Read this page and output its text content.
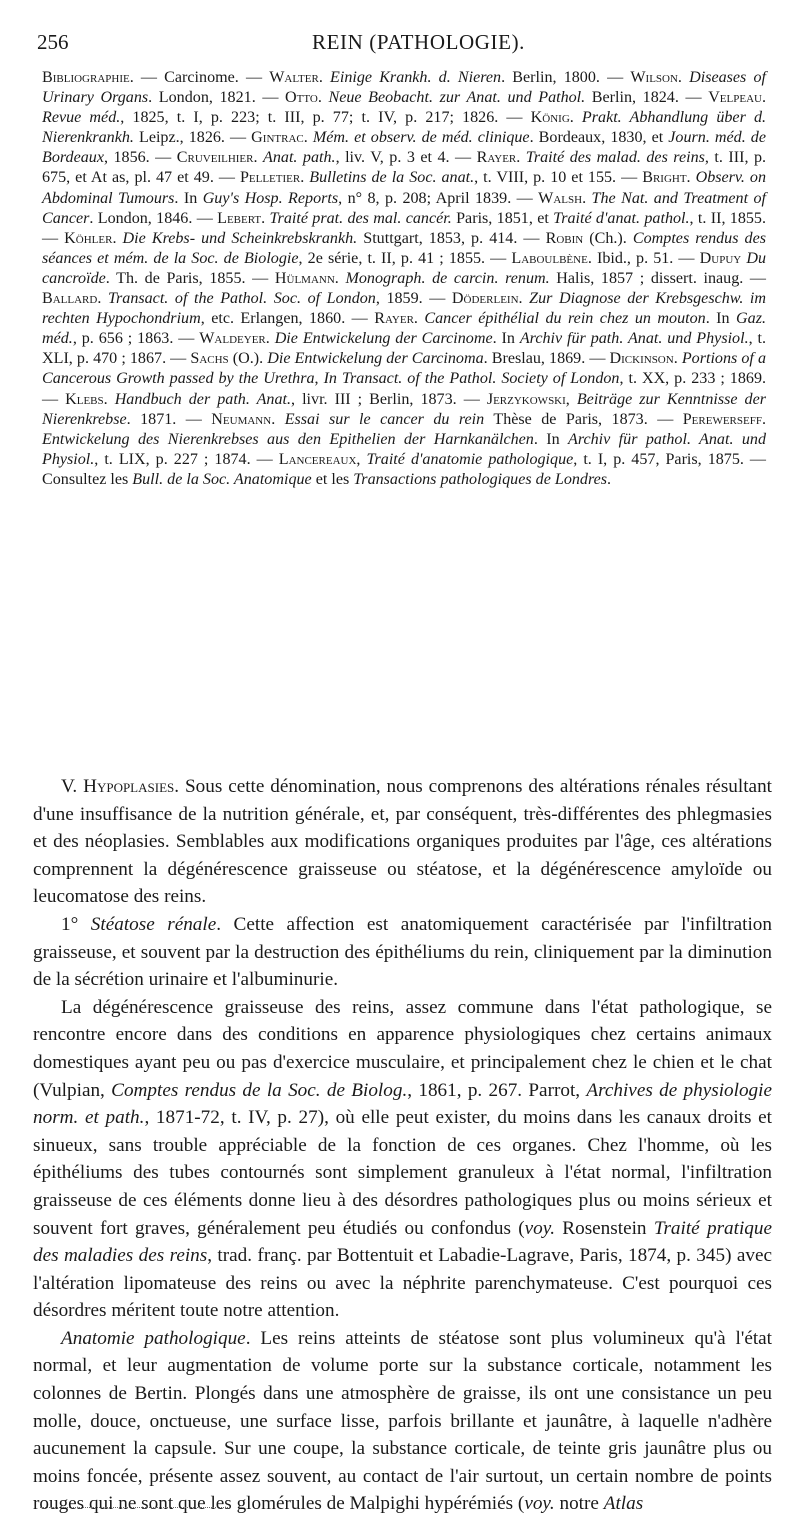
256	REIN (PATHOLOGIE).
Bibliographie. — Carcinome. — Walter. Einige Krankh. d. Nieren. Berlin, 1800. — Wilson. Diseases of Urinary Organs. London, 1821. — Otto. Neue Beobacht. zur Anat. und Pathol. Berlin, 1824. — Velpeau. Revue méd., 1825, t. I, p. 223; t. III, p. 77; t. IV, p. 217; 1826. — König. Prakt. Abhandlung über d. Nierenkrankh. Leipz., 1826. — Gintrac. Mém. et observ. de méd. clinique. Bordeaux, 1830, et Journ. méd. de Bordeaux, 1856. — Cruveilhier. Anat. path., liv. V, p. 3 et 4. — Rayer. Traité des malad. des reins, t. III, p. 675, et At as, pl. 47 et 49. — Pelletier. Bulletins de la Soc. anat., t. VIII, p. 10 et 155. — Bright. Observ. on Abdominal Tumours. In Guy's Hosp. Reports, n° 8, p. 208; April 1839. — Walsh. The Nat. and Treatment of Cancer. London, 1846. — Lebert. Traité prat. des mal. cancér. Paris, 1851, et Traité d'anat. pathol., t. II, 1855. — Köhler. Die Krebs- und Scheinkrebskrankh. Stuttgart, 1853, p. 414. — Robin (Ch.). Comptes rendus des séances et mém. de la Soc. de Biologie, 2e série, t. II, p. 41 ; 1855. — Laboulbène. Ibid., p. 51. — Dupuy Du cancroïde. Th. de Paris, 1855. — Hülmann. Monograph. de carcin. renum. Halis, 1857 ; dissert. inaug. — Ballard. Transact. of the Pathol. Soc. of London, 1859. — Döderlein. Zur Diagnose der Krebsgeschw. im rechten Hypochondrium, etc. Erlangen, 1860. — Rayer. Cancer épithélial du rein chez un mouton. In Gaz. méd., p. 656 ; 1863. — Waldeyer. Die Entwickelung der Carcinome. In Archiv für path. Anat. und Physiol., t. XLI, p. 470 ; 1867. — Sachs (O.). Die Entwickelung der Carcinoma. Breslau, 1869. — Dickinson. Portions of a Cancerous Growth passed by the Urethra, In Transact. of the Pathol. Society of London, t. XX, p. 233 ; 1869. — Klebs. Handbuch der path. Anat., livr. III ; Berlin, 1873. — Jerzykowski, Beiträge zur Kenntnisse der Nierenkrebse. 1871. — Neumann. Essai sur le cancer du rein Thèse de Paris, 1873. — Perewerseff. Entwickelung des Nierenkrebses aus den Epithelien der Harnkanälchen. In Archiv für pathol. Anat. und Physiol., t. LIX, p. 227 ; 1874. — Lancereaux, Traité d'anatomie pathologique, t. I, p. 457, Paris, 1875. — Consultez les Bull. de la Soc. Anatomique et les Transactions pathologiques de Londres.

V. Hypoplasies. Sous cette dénomination, nous comprenons des altérations rénales résultant d'une insuffisance de la nutrition générale, et, par conséquent, très-différentes des phlegmasies et des néoplasies. Semblables aux modifications organiques produites par l'âge, ces altérations comprennent la dégénérescence graisseuse ou stéatose, et la dégénérescence amyloïde ou leucomatose des reins.

1° Stéatose rénale. Cette affection est anatomiquement caractérisée par l'infiltration graisseuse, et souvent par la destruction des épithéliums du rein, cliniquement par la diminution de la sécrétion urinaire et l'albuminurie.

La dégénérescence graisseuse des reins, assez commune dans l'état pathologique, se rencontre encore dans des conditions en apparence physiologiques chez certains animaux domestiques ayant peu ou pas d'exercice musculaire, et principalement chez le chien et le chat (Vulpian, Comptes rendus de la Soc. de Biolog., 1861, p. 267. Parrot, Archives de physiologie norm. et path., 1871-72, t. IV, p. 27), où elle peut exister, du moins dans les canaux droits et sinueux, sans trouble appréciable de la fonction de ces organes. Chez l'homme, où les épithéliums des tubes contournés sont simplement granuleux à l'état normal, l'infiltration graisseuse de ces éléments donne lieu à des désordres pathologiques plus ou moins sérieux et souvent fort graves, généralement peu étudiés ou confondus (voy. Rosenstein Traité pratique des maladies des reins, trad. franç. par Bottentuit et Labadie-Lagrave, Paris, 1874, p. 345) avec l'altération lipomateuse des reins ou avec la néphrite parenchymateuse. C'est pourquoi ces désordres méritent toute notre attention.

Anatomie pathologique. Les reins atteints de stéatose sont plus volumineux qu'à l'état normal, et leur augmentation de volume porte sur la substance corticale, notamment les colonnes de Bertin. Plongés dans une atmosphère de graisse, ils ont une consistance un peu molle, douce, onctueuse, une surface lisse, parfois brillante et jaunâtre, à laquelle n'adhère aucunement la capsule. Sur une coupe, la substance corticale, de teinte gris jaunâtre plus ou moins foncée, présente assez souvent, au contact de l'air surtout, un certain nombre de points rouges qui ne sont que les glomérules de Malpighi hypérémiés (voy. notre Atlas
